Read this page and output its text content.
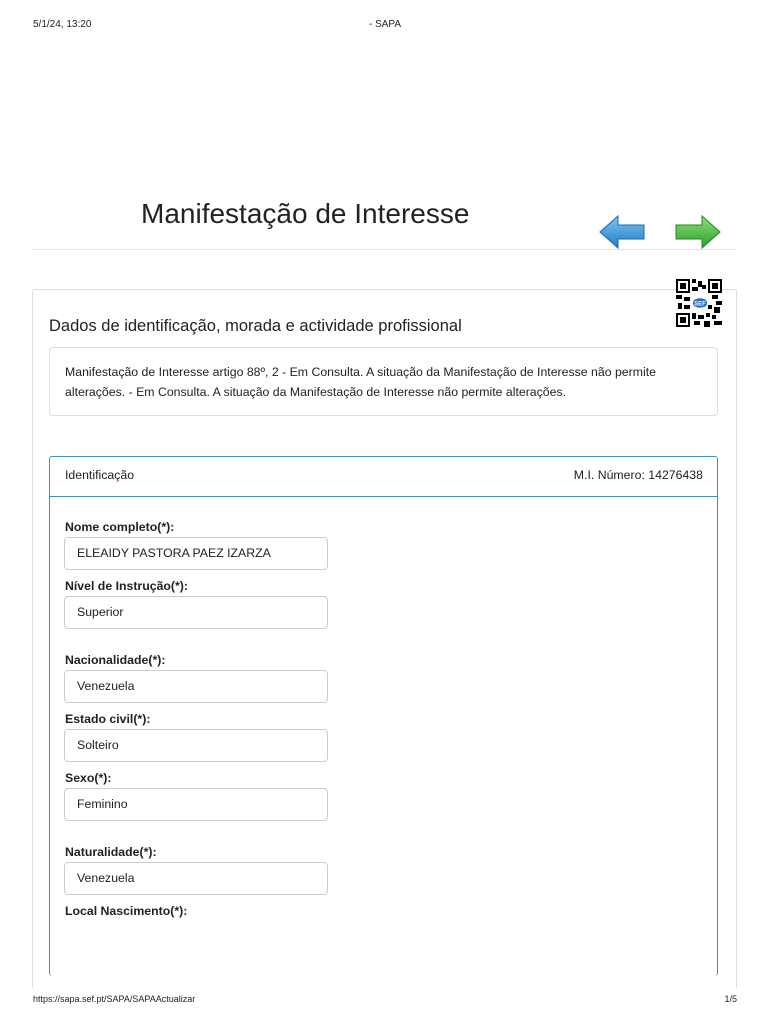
5/1/24, 13:20	- SAPA
Manifestação de Interesse
SEF
Dados de identificação, morada e actividade profissional
Manifestação de Interesse artigo 88º, 2 - Em Consulta. A situação da Manifestação de Interesse não permite
alterações. - Em Consulta. A situação da Manifestação de Interesse não permite alterações.
Identificação	M.I. Número: 14276438
Nome completo(*):
ELEAIDY PASTORA PAEZ IZARZA
Nível de Instrução(*):
Superior
Nacionalidade(*):
Venezuela
Estado civil(*):
Solteiro
Sexo(*):
Feminino
Naturalidade(*):
Venezuela
Local Nascimento(*):
https://sapa.sef.pt/SAPA/SAPAActualizar	1/5
